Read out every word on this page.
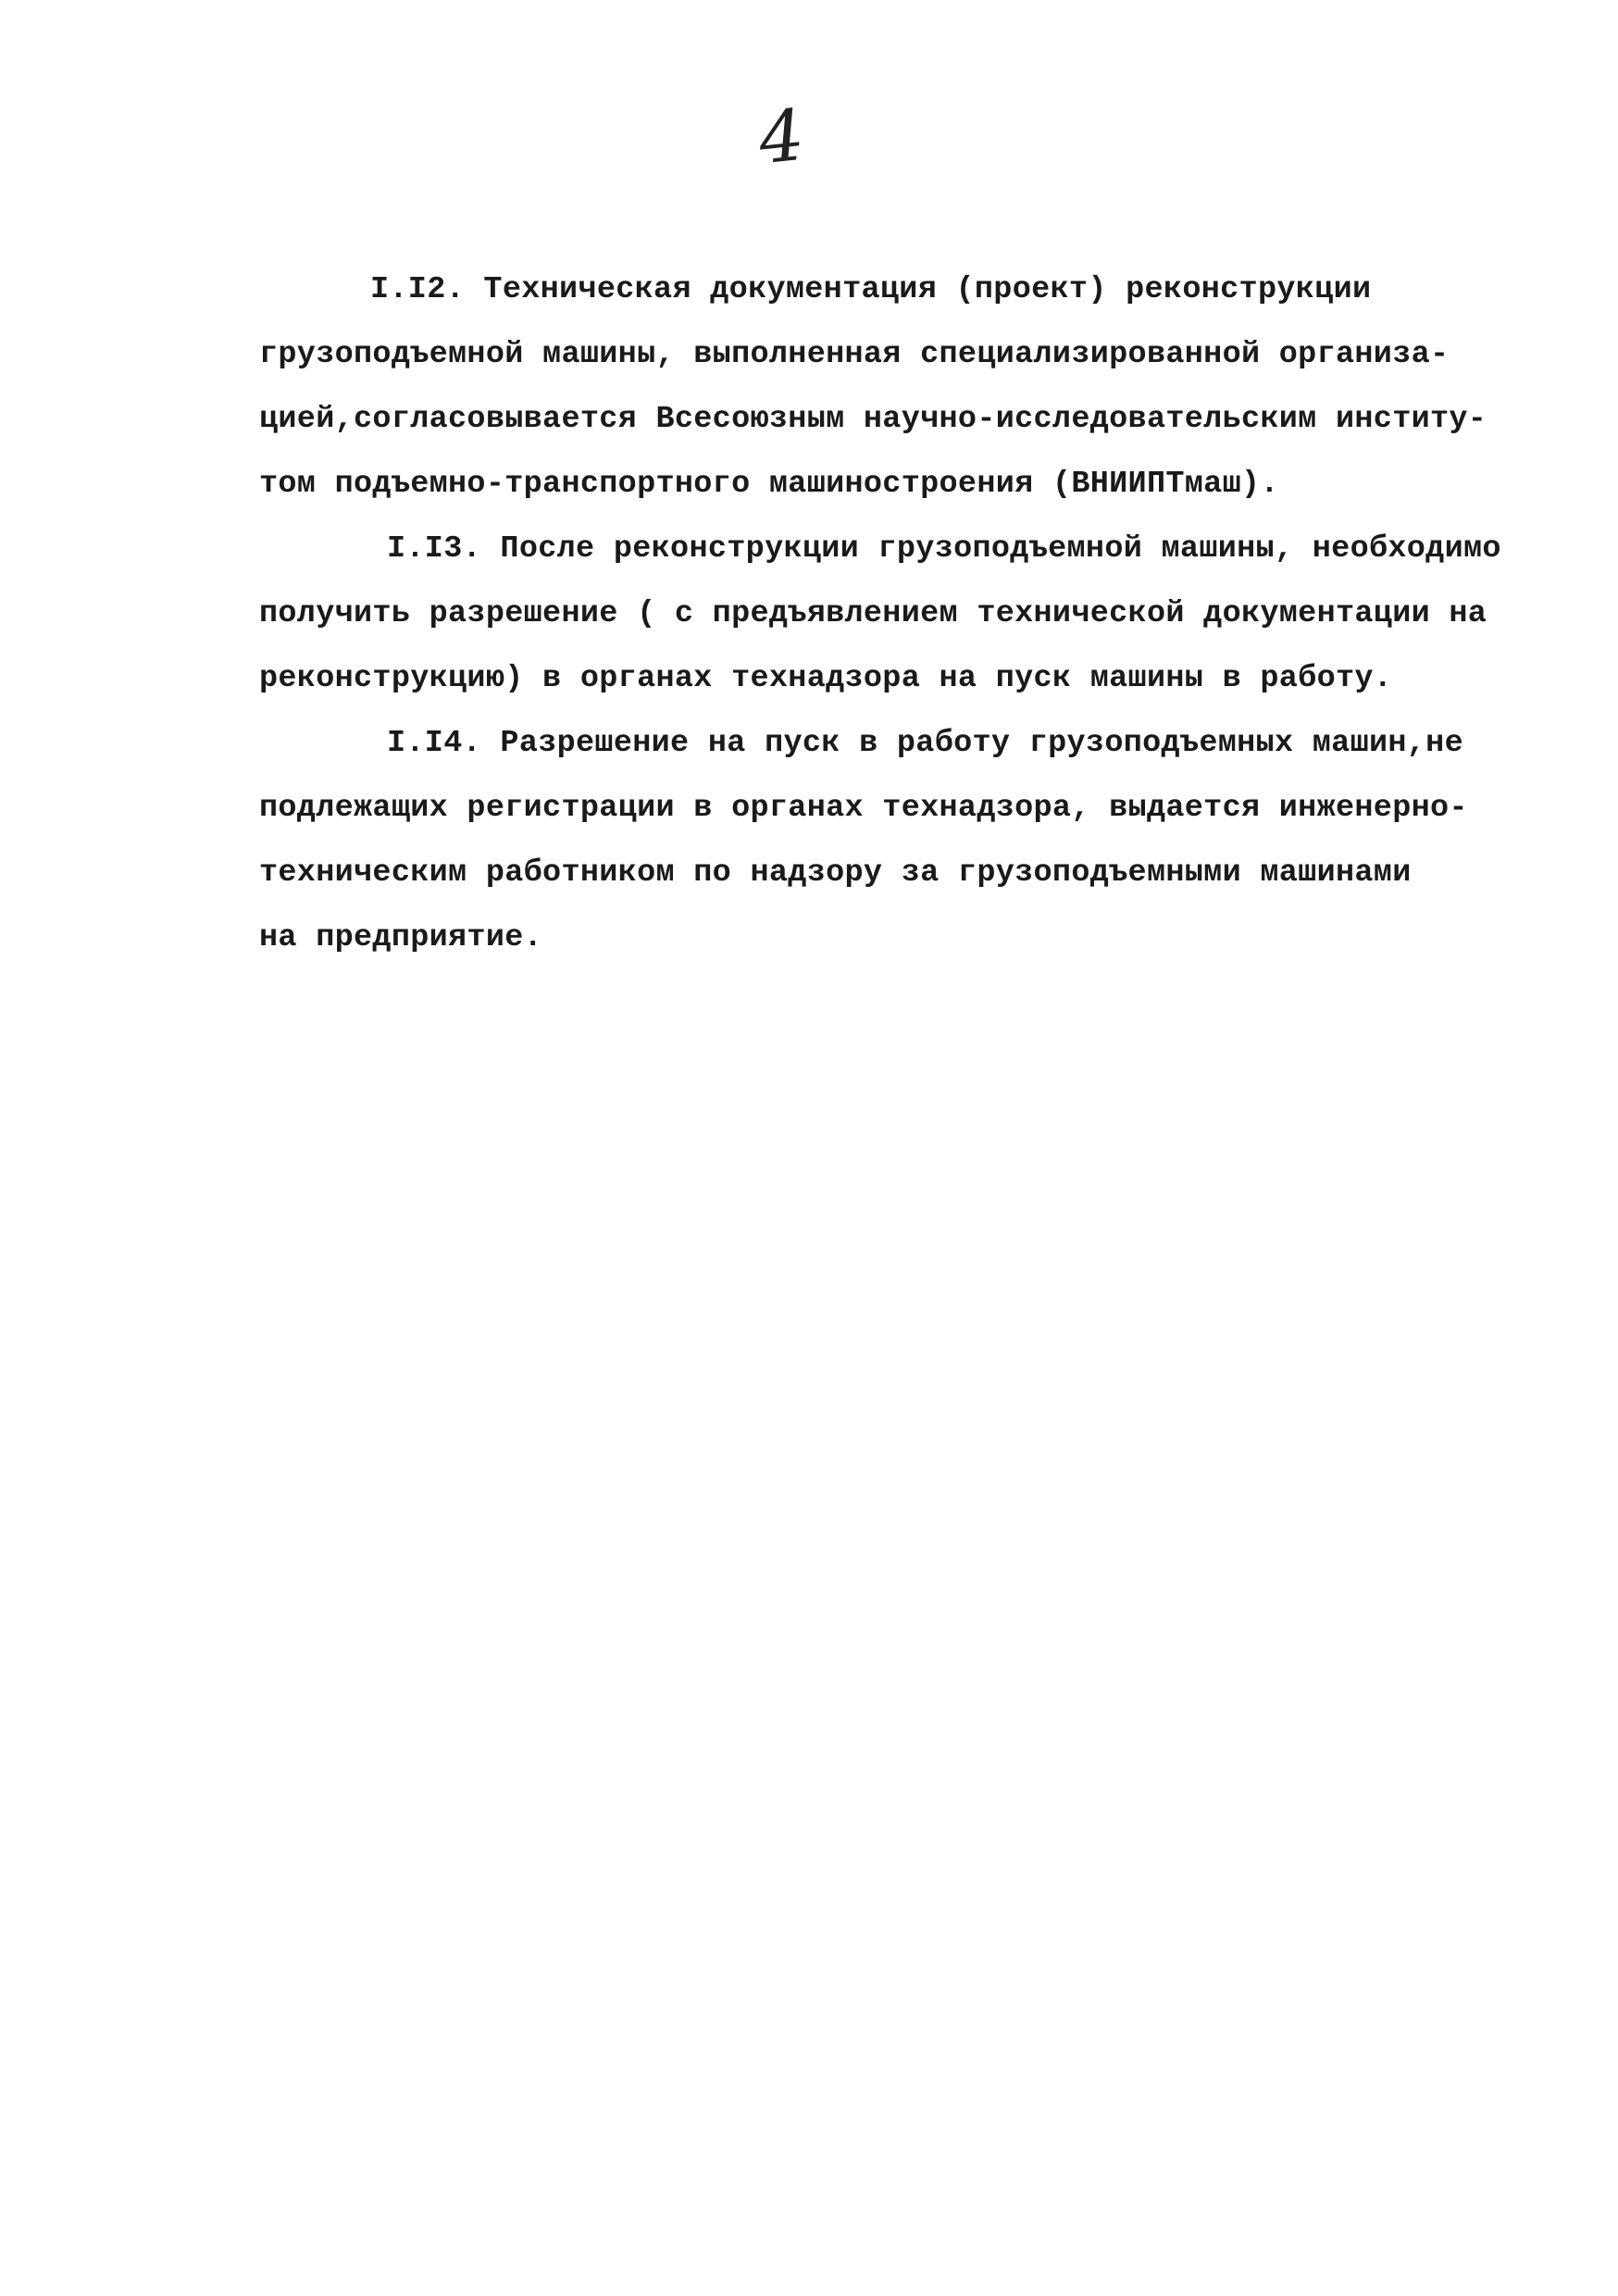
4
I.I2. Техническая документация (проект) реконструкции
грузоподъемной машины, выполненная специализированной организа-
цией,согласовывается Всесоюзным научно-исследовательским институ-
том подъемно-транспортного машиностроения (ВНИИПТмаш).
I.I3. После реконструкции грузоподъемной машины, необходимо
получить разрешение ( с предъявлением технической документации на
реконструкцию) в органах технадзора на пуск машины в работу.
I.I4. Разрешение на пуск в работу грузоподъемных машин,не
подлежащих регистрации в органах технадзора, выдается инженерно-
техническим работником по надзору за грузоподъемными машинами
на предприятие.
